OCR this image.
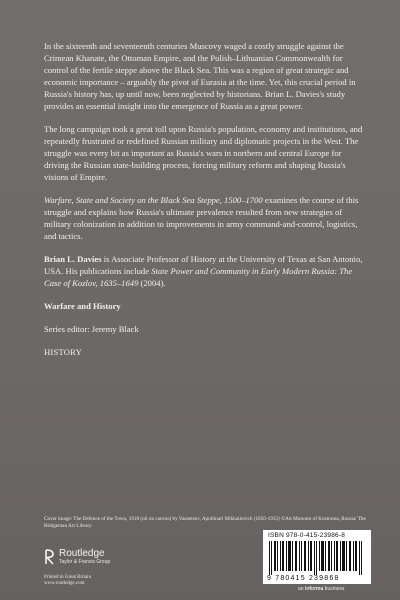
In the sixteenth and seventeenth centuries Muscovy waged a costly struggle against the Crimean Khanate, the Ottoman Empire, and the Polish–Lithuanian Commonwealth for control of the fertile steppe above the Black Sea. This was a region of great strategic and economic importance – arguably the pivot of Eurasia at the time. Yet, this crucial period in Russia's history has, up until now, been neglected by historians. Brian L. Davies's study provides an essential insight into the emergence of Russia as a great power.

The long campaign took a great toll upon Russia's population, economy and institutions, and repeatedly frustrated or redefined Russian military and diplomatic projects in the West. The struggle was every bit as important as Russia's wars in northern and central Europe for driving the Russian state-building process, forcing military reform and shaping Russia's visions of Empire.

Warfare, State and Society on the Black Sea Steppe, 1500–1700 examines the course of this struggle and explains how Russia's ultimate prevalence resulted from new strategies of military colonization in addition to improvements in army command-and-control, logistics, and tactics.

Brian L. Davies is Associate Professor of History at the University of Texas at San Antonio, USA. His publications include State Power and Community in Early Modern Russia: The Case of Kozlov, 1635–1649 (2004).

Warfare and History

Series editor: Jeremy Black

HISTORY

Cover image: The Defence of the Town, 1918 (oil on canvas) by Vasnetsov, Apollinari Mikhailovich (1856-1933) ©Art Museum of Kostroma, Russia/ The Bridgeman Art Library
Routledge
Taylor & Francis Group
Printed in Great Britain
www.routledge.com
ISBN 978-0-415-23986-8
9 780415 239868
an informa business
